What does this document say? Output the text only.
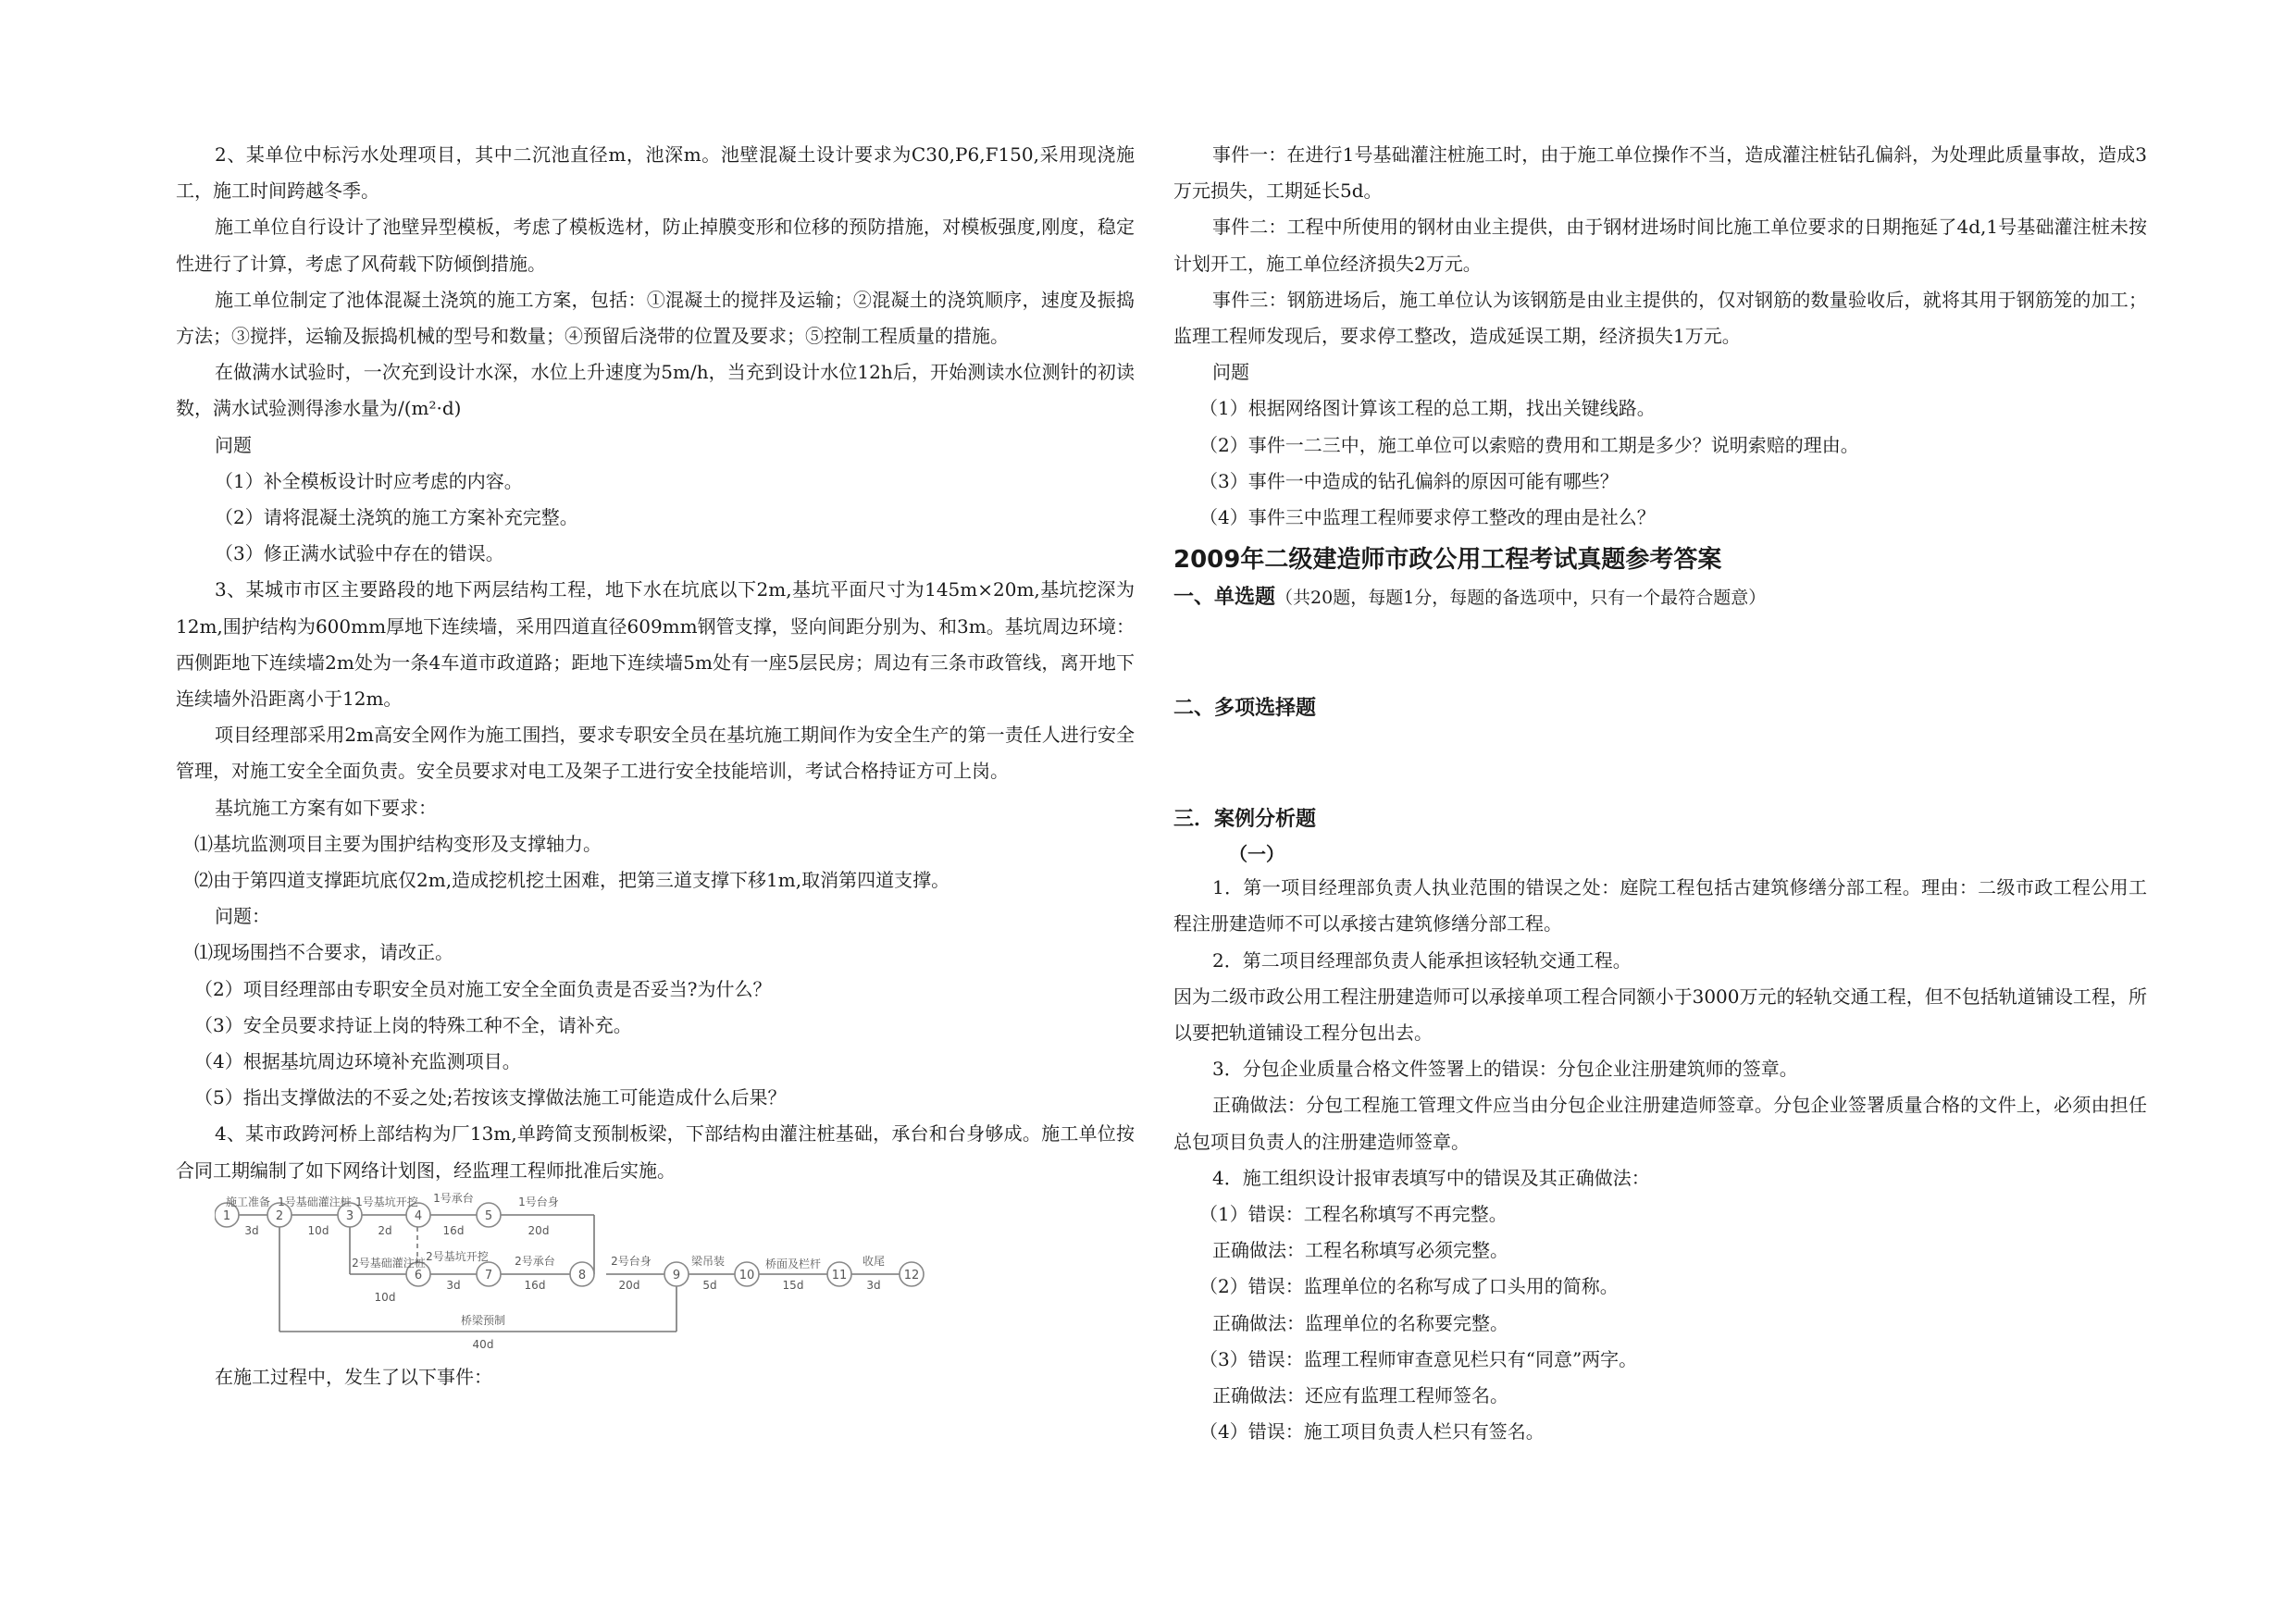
2、某单位中标污水处理项目，其中二沉池直径m，池深m。池壁混凝土设计要求为C30,P6,F150,采用现浇施工，施工时间跨越冬季。

施工单位自行设计了池壁异型模板，考虑了模板选材，防止掉膜变形和位移的预防措施，对模板强度,刚度，稳定性进行了计算，考虑了风荷载下防倾倒措施。

施工单位制定了池体混凝土浇筑的施工方案，包括：①混凝土的搅拌及运输；②混凝土的浇筑顺序，速度及振捣方法；③搅拌，运输及振捣机械的型号和数量；④预留后浇带的位置及要求；⑤控制工程质量的措施。

在做满水试验时，一次充到设计水深，水位上升速度为5m/h，当充到设计水位12h后，开始测读水位测针的初读数，满水试验测得渗水量为/(m²·d)

问题

（1）补全模板设计时应考虑的内容。

（2）请将混凝土浇筑的施工方案补充完整。

（3）修正满水试验中存在的错误。

3、某城市市区主要路段的地下两层结构工程，地下水在坑底以下2m,基坑平面尺寸为145m×20m,基坑挖深为12m,围护结构为600mm厚地下连续墙，采用四道直径609mm钢管支撑，竖向间距分别为、和3m。基坑周边环境：西侧距地下连续墙2m处为一条4车道市政道路；距地下连续墙5m处有一座5层民房；周边有三条市政管线，离开地下连续墙外沿距离小于12m。

项目经理部采用2m高安全网作为施工围挡，要求专职安全员在基坑施工期间作为安全生产的第一责任人进行安全管理，对施工安全全面负责。安全员要求对电工及架子工进行安全技能培训，考试合格持证方可上岗。

基坑施工方案有如下要求：

⑴基坑监测项目主要为围护结构变形及支撑轴力。

⑵由于第四道支撑距坑底仅2m,造成挖机挖土困难，把第三道支撑下移1m,取消第四道支撑。

问题：

⑴现场围挡不合要求，请改正。

（2）项目经理部由专职安全员对施工安全全面负责是否妥当?为什么？

（3）安全员要求持证上岗的特殊工种不全，请补充。

（4）根据基坑周边环境补充监测项目。

（5）指出支撑做法的不妥之处;若按该支撑做法施工可能造成什么后果？

4、某市政跨河桥上部结构为厂13m,单跨简支预制板梁，下部结构由灌注桩基础，承台和台身够成。施工单位按合同工期编制了如下网络计划图，经监理工程师批准后实施。

1	2	3	4	5
6	7	8	9	10	11	12
施工准备
3d
1号基础灌注桩
10d
1号基坑开挖
2d
1号承台
16d
1号台身
20d
2号基础灌注桩
10d
2号基坑开挖
3d
2号承台
16d
2号台身
20d
梁吊装
5d
桥面及栏杆
15d
收尾
3d
桥梁预制
40d

在施工过程中，发生了以下事件：

事件一：在进行1号基础灌注桩施工时，由于施工单位操作不当，造成灌注桩钻孔偏斜，为处理此质量事故，造成3万元损失，工期延长5d。

事件二：工程中所使用的钢材由业主提供，由于钢材进场时间比施工单位要求的日期拖延了4d,1号基础灌注桩未按计划开工，施工单位经济损失2万元。

事件三：钢筋进场后，施工单位认为该钢筋是由业主提供的，仅对钢筋的数量验收后，就将其用于钢筋笼的加工；监理工程师发现后，要求停工整改，造成延误工期，经济损失1万元。

问题

（1）根据网络图计算该工程的总工期，找出关键线路。

（2）事件一二三中，施工单位可以索赔的费用和工期是多少？说明索赔的理由。

（3）事件一中造成的钻孔偏斜的原因可能有哪些？

（4）事件三中监理工程师要求停工整改的理由是社么？

2009年二级建造师市政公用工程考试真题参考答案

一、单选题（共20题，每题1分，每题的备选项中，只有一个最符合题意）

二、多项选择题

三．案例分析题

（一）

1．第一项目经理部负责人执业范围的错误之处：庭院工程包括古建筑修缮分部工程。理由：二级市政工程公用工程注册建造师不可以承接古建筑修缮分部工程。

2．第二项目经理部负责人能承担该轻轨交通工程。

因为二级市政公用工程注册建造师可以承接单项工程合同额小于3000万元的轻轨交通工程，但不包括轨道铺设工程，所以要把轨道铺设工程分包出去。

3．分包企业质量合格文件签署上的错误：分包企业注册建筑师的签章。

正确做法：分包工程施工管理文件应当由分包企业注册建造师签章。分包企业签署质量合格的文件上，必须由担任总包项目负责人的注册建造师签章。

4．施工组织设计报审表填写中的错误及其正确做法：

（1）错误：工程名称填写不再完整。

正确做法：工程名称填写必须完整。

（2）错误：监理单位的名称写成了口头用的简称。

正确做法：监理单位的名称要完整。

（3）错误：监理工程师审查意见栏只有“同意”两字。

正确做法：还应有监理工程师签名。

（4）错误：施工项目负责人栏只有签名。
